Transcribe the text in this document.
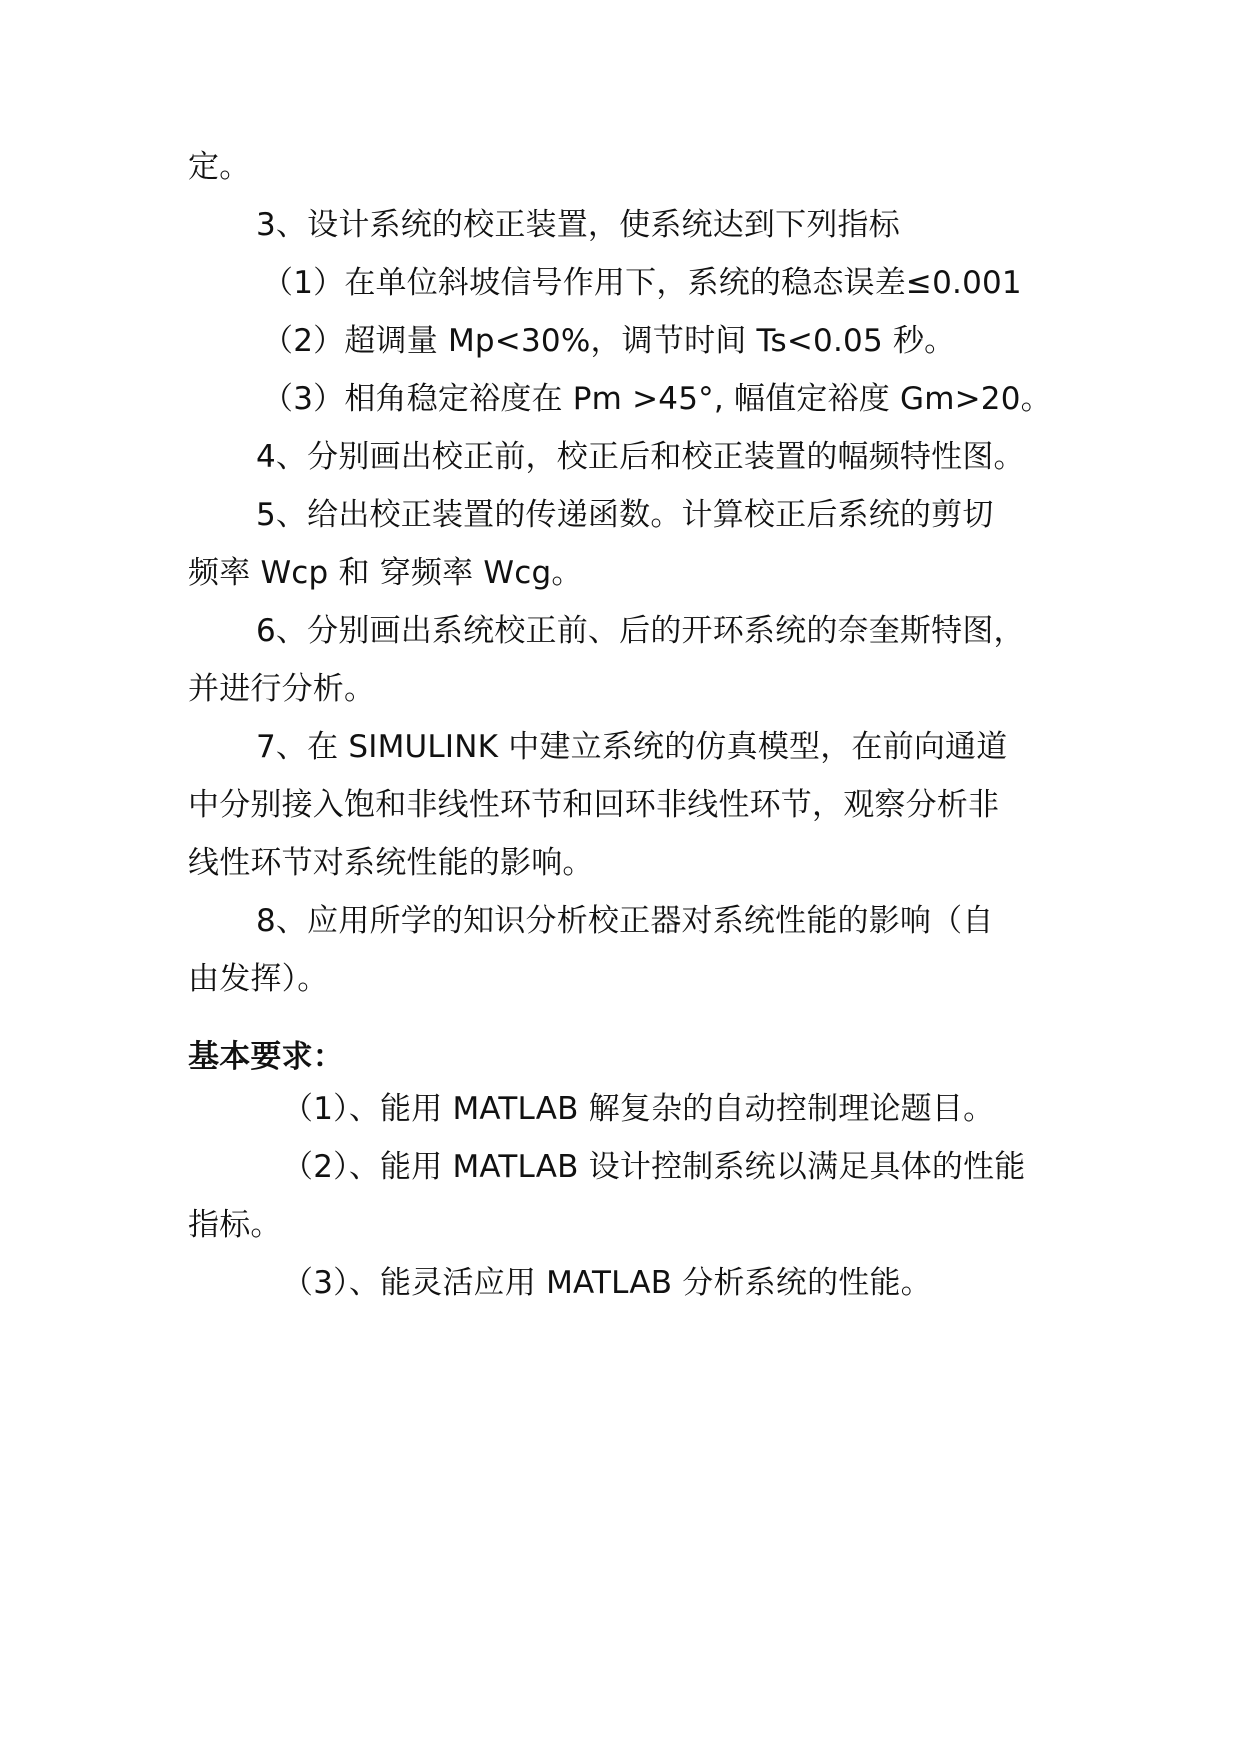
定。
3、设计系统的校正装置，使系统达到下列指标
（1）在单位斜坡信号作用下，系统的稳态误差≤0.001
（2）超调量 Mp<30%，调节时间 Ts<0.05 秒。
（3）相角稳定裕度在 Pm >45°, 幅值定裕度 Gm>20。
4、分别画出校正前，校正后和校正装置的幅频特性图。
5、给出校正装置的传递函数。计算校正后系统的剪切
频率 Wcp 和 穿频率 Wcg。
6、分别画出系统校正前、后的开环系统的奈奎斯特图，
并进行分析。
7、在 SIMULINK 中建立系统的仿真模型，在前向通道
中分别接入饱和非线性环节和回环非线性环节，观察分析非
线性环节对系统性能的影响。
8、应用所学的知识分析校正器对系统性能的影响（自
由发挥）。
基本要求：
（1）、能用 MATLAB 解复杂的自动控制理论题目。
（2）、能用 MATLAB 设计控制系统以满足具体的性能
指标。
（3）、能灵活应用 MATLAB 分析系统的性能。
